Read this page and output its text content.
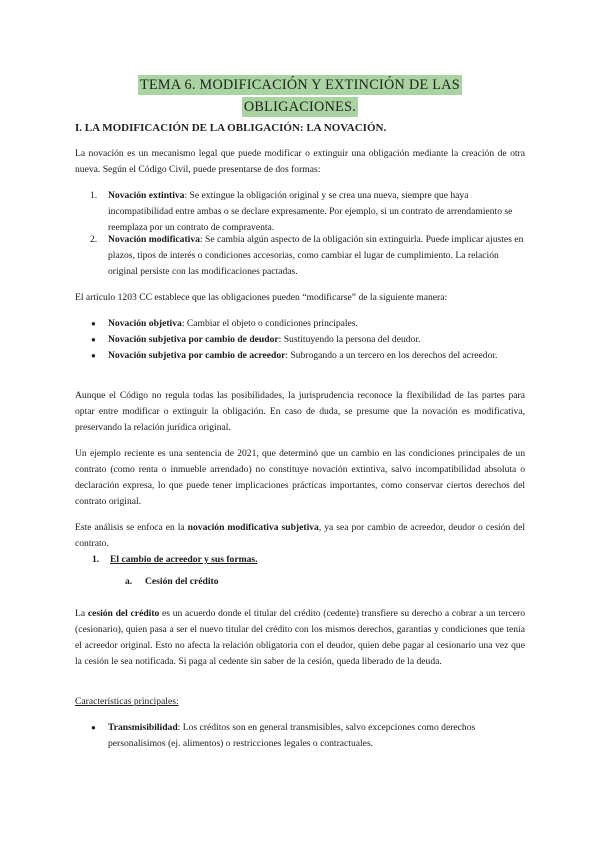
TEMA 6. MODIFICACIÓN Y EXTINCIÓN DE LAS
OBLIGACIONES.
I. LA MODIFICACIÓN DE LA OBLIGACIÓN: LA NOVACIÓN.

La novación es un mecanismo legal que puede modificar o extinguir una obligación mediante la creación de otra nueva. Según el Código Civil, puede presentarse de dos formas:

1. Novación extintiva: Se extingue la obligación original y se crea una nueva, siempre que haya incompatibilidad entre ambas o se declare expresamente. Por ejemplo, si un contrato de arrendamiento se reemplaza por un contrato de compraventa.
2. Novación modificativa: Se cambia algún aspecto de la obligación sin extinguirla. Puede implicar ajustes en plazos, tipos de interés o condiciones accesorias, como cambiar el lugar de cumplimiento. La relación original persiste con las modificaciones pactadas.

El artículo 1203 CC establece que las obligaciones pueden “modificarse” de la siguiente manera:

● Novación objetiva: Cambiar el objeto o condiciones principales.
● Novación subjetiva por cambio de deudor: Sustituyendo la persona del deudor.
● Novación subjetiva por cambio de acreedor: Subrogando a un tercero en los derechos del acreedor.

Aunque el Código no regula todas las posibilidades, la jurisprudencia reconoce la flexibilidad de las partes para optar entre modificar o extinguir la obligación. En caso de duda, se presume que la novación es modificativa, preservando la relación jurídica original.

Un ejemplo reciente es una sentencia de 2021, que determinó que un cambio en las condiciones principales de un contrato (como renta o inmueble arrendado) no constituye novación extintiva, salvo incompatibilidad absoluta o declaración expresa, lo que puede tener implicaciones prácticas importantes, como conservar ciertos derechos del contrato original.

Este análisis se enfoca en la novación modificativa subjetiva, ya sea por cambio de acreedor, deudor o cesión del contrato.

1. El cambio de acreedor y sus formas.
a. Cesión del crédito

La cesión del crédito es un acuerdo donde el titular del crédito (cedente) transfiere su derecho a cobrar a un tercero (cesionario), quien pasa a ser el nuevo titular del crédito con los mismos derechos, garantías y condiciones que tenía el acreedor original. Esto no afecta la relación obligatoria con el deudor, quien debe pagar al cesionario una vez que la cesión le sea notificada. Si paga al cedente sin saber de la cesión, queda liberado de la deuda.

Características principales:

● Transmisibilidad: Los créditos son en general transmisibles, salvo excepciones como derechos personalísimos (ej. alimentos) o restricciones legales o contractuales.
